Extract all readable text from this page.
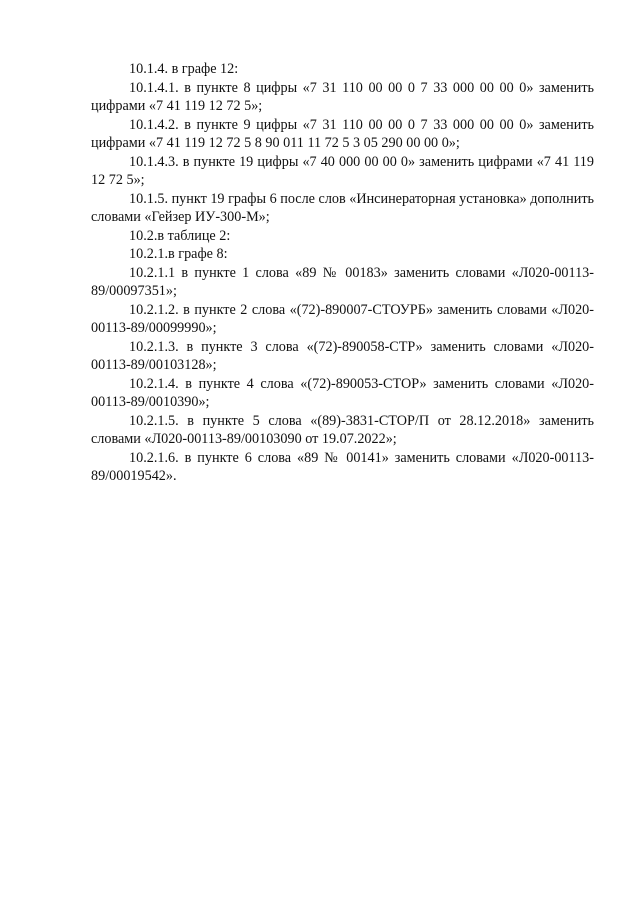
10.1.4. в графе 12:

10.1.4.1. в пункте 8 цифры «7 31 110 00 00 0 7 33 000 00 00 0» заменить цифрами «7 41 119 12 72 5»;

10.1.4.2. в пункте 9 цифры «7 31 110 00 00 0 7 33 000 00 00 0» заменить цифрами «7 41 119 12 72 5 8 90 011 11 72 5 3 05 290 00 00 0»;

10.1.4.3. в пункте 19 цифры «7 40 000 00 00 0» заменить цифрами «7 41 119 12 72 5»;

10.1.5. пункт 19 графы 6 после слов «Инсинераторная установка» дополнить словами «Гейзер ИУ-300-М»;

10.2.в таблице 2:

10.2.1.в графе 8:

10.2.1.1 в пункте 1 слова «89 № 00183» заменить словами «Л020-00113-89/00097351»;

10.2.1.2. в пункте 2 слова «(72)-890007-СТОУРБ» заменить словами «Л020-00113-89/00099990»;

10.2.1.3. в пункте 3 слова «(72)-890058-СТР» заменить словами «Л020-00113-89/00103128»;

10.2.1.4. в пункте 4 слова «(72)-890053-СТОР» заменить словами «Л020-00113-89/0010390»;

10.2.1.5. в пункте 5 слова «(89)-3831-СТОР/П от 28.12.2018» заменить словами «Л020-00113-89/00103090 от 19.07.2022»;

10.2.1.6. в пункте 6 слова «89 № 00141» заменить словами «Л020-00113-89/00019542».
